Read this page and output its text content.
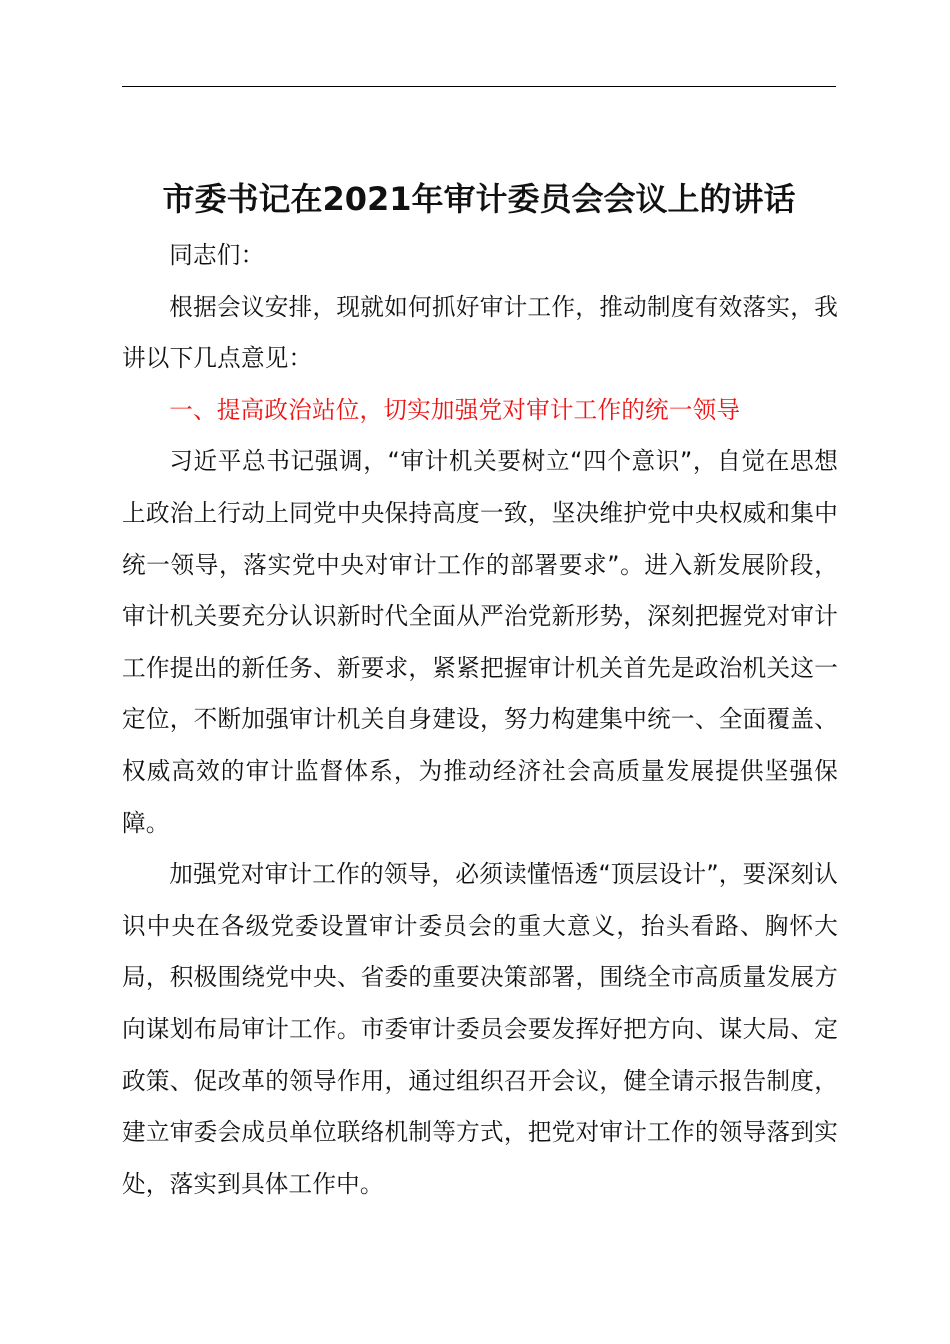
市委书记在2021年审计委员会会议上的讲话

同志们：

根据会议安排，现就如何抓好审计工作，推动制度有效落实，我讲以下几点意见：

一、提高政治站位，切实加强党对审计工作的统一领导

习近平总书记强调，“审计机关要树立“四个意识”，自觉在思想上政治上行动上同党中央保持高度一致，坚决维护党中央权威和集中统一领导，落实党中央对审计工作的部署要求”。进入新发展阶段，审计机关要充分认识新时代全面从严治党新形势，深刻把握党对审计工作提出的新任务、新要求，紧紧把握审计机关首先是政治机关这一定位，不断加强审计机关自身建设，努力构建集中统一、全面覆盖、权威高效的审计监督体系，为推动经济社会高质量发展提供坚强保障。

加强党对审计工作的领导，必须读懂悟透“顶层设计”，要深刻认识中央在各级党委设置审计委员会的重大意义，抬头看路、胸怀大局，积极围绕党中央、省委的重要决策部署，围绕全市高质量发展方向谋划布局审计工作。市委审计委员会要发挥好把方向、谋大局、定政策、促改革的领导作用，通过组织召开会议，健全请示报告制度，建立审委会成员单位联络机制等方式，把党对审计工作的领导落到实处，落实到具体工作中。
